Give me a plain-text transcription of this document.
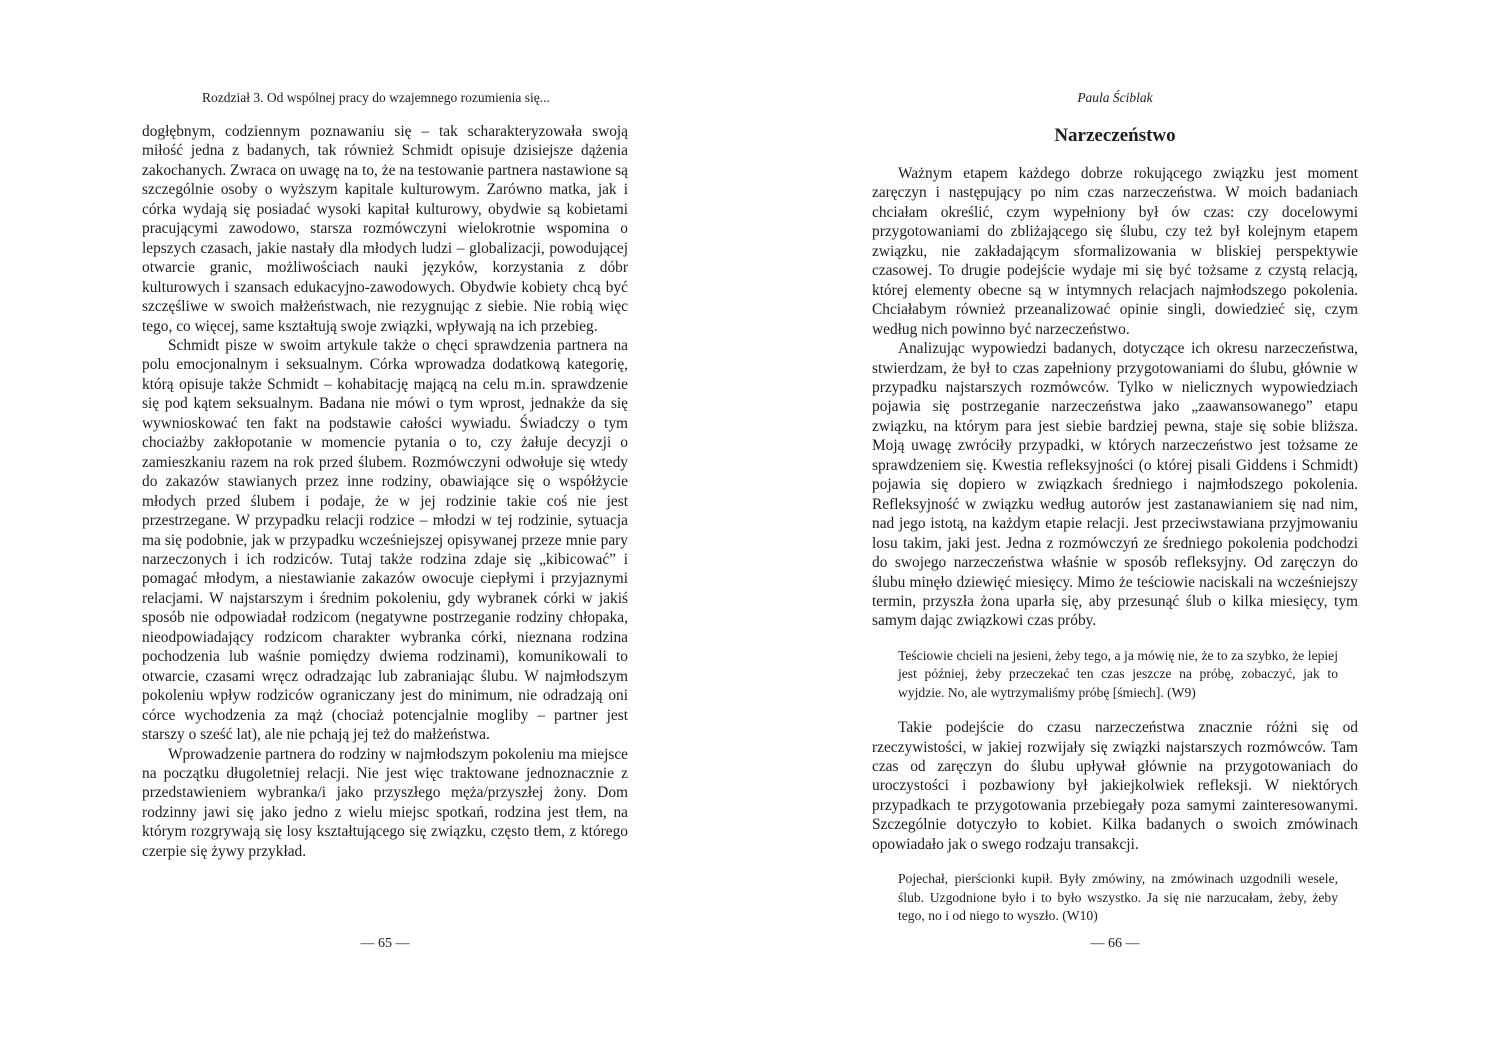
Rozdział 3. Od wspólnej pracy do wzajemnego rozumienia się...

dogłębnym, codziennym poznawaniu się – tak scharakteryzowała swoją miłość jedna z badanych, tak również Schmidt opisuje dzisiejsze dążenia zakochanych. Zwraca on uwagę na to, że na testowanie partnera nastawione są szczególnie osoby o wyższym kapitale kulturowym. Zarówno matka, jak i córka wydają się posiadać wysoki kapitał kulturowy, obydwie są kobietami pracującymi zawodowo, starsza rozmówczyni wielokrotnie wspomina o lepszych czasach, jakie nastały dla młodych ludzi – globalizacji, powodującej otwarcie granic, możliwościach nauki języków, korzystania z dóbr kulturowych i szansach edukacyjno-zawodowych. Obydwie kobiety chcą być szczęśliwe w swoich małżeństwach, nie rezygnując z siebie. Nie robią więc tego, co więcej, same kształtują swoje związki, wpływają na ich przebieg.

Schmidt pisze w swoim artykule także o chęci sprawdzenia partnera na polu emocjonalnym i seksualnym. Córka wprowadza dodatkową kategorię, którą opisuje także Schmidt – kohabitację mającą na celu m.in. sprawdzenie się pod kątem seksualnym. Badana nie mówi o tym wprost, jednakże da się wywnioskować ten fakt na podstawie całości wywiadu. Świadczy o tym chociażby zakłopotanie w momencie pytania o to, czy żałuje decyzji o zamieszkaniu razem na rok przed ślubem. Rozmówczyni odwołuje się wtedy do zakazów stawianych przez inne rodziny, obawiające się o współżycie młodych przed ślubem i podaje, że w jej rodzinie takie coś nie jest przestrzegane. W przypadku relacji rodzice – młodzi w tej rodzinie, sytuacja ma się podobnie, jak w przypadku wcześniejszej opisywanej przeze mnie pary narzeczonych i ich rodziców. Tutaj także rodzina zdaje się „kibicować” i pomagać młodym, a niestawianie zakazów owocuje ciepłymi i przyjaznymi relacjami. W najstarszym i średnim pokoleniu, gdy wybranek córki w jakiś sposób nie odpowiadał rodzicom (negatywne postrzeganie rodziny chłopaka, nieodpowiadający rodzicom charakter wybranka córki, nieznana rodzina pochodzenia lub waśnie pomiędzy dwiema rodzinami), komunikowali to otwarcie, czasami wręcz odradzając lub zabraniając ślubu. W najmłodszym pokoleniu wpływ rodziców ograniczany jest do minimum, nie odradzają oni córce wychodzenia za mąż (chociaż potencjalnie mogliby – partner jest starszy o sześć lat), ale nie pchają jej też do małżeństwa.

Wprowadzenie partnera do rodziny w najmłodszym pokoleniu ma miejsce na początku długoletniej relacji. Nie jest więc traktowane jednoznacznie z przedstawieniem wybranka/i jako przyszłego męża/przyszłej żony. Dom rodzinny jawi się jako jedno z wielu miejsc spotkań, rodzina jest tłem, na którym rozgrywają się losy kształtującego się związku, często tłem, z którego czerpie się żywy przykład.

— 65 —
Paula Ściblak
Narzeczeństwo

Ważnym etapem każdego dobrze rokującego związku jest moment zaręczyn i następujący po nim czas narzeczeństwa. W moich badaniach chciałam określić, czym wypełniony był ów czas: czy docelowymi przygotowaniami do zbliżającego się ślubu, czy też był kolejnym etapem związku, nie zakładającym sformalizowania w bliskiej perspektywie czasowej. To drugie podejście wydaje mi się być tożsame z czystą relacją, której elementy obecne są w intymnych relacjach najmłodszego pokolenia. Chciałabym również przeanalizować opinie singli, dowiedzieć się, czym według nich powinno być narzeczeństwo.

Analizując wypowiedzi badanych, dotyczące ich okresu narzeczeństwa, stwierdzam, że był to czas zapełniony przygotowaniami do ślubu, głównie w przypadku najstarszych rozmówców. Tylko w nielicznych wypowiedziach pojawia się postrzeganie narzeczeństwa jako „zaawansowanego” etapu związku, na którym para jest siebie bardziej pewna, staje się sobie bliższa. Moją uwagę zwróciły przypadki, w których narzeczeństwo jest tożsame ze sprawdzeniem się. Kwestia refleksyjności (o której pisali Giddens i Schmidt) pojawia się dopiero w związkach średniego i najmłodszego pokolenia. Refleksyjność w związku według autorów jest zastanawianiem się nad nim, nad jego istotą, na każdym etapie relacji. Jest przeciwstawiana przyjmowaniu losu takim, jaki jest. Jedna z rozmówczyń ze średniego pokolenia podchodzi do swojego narzeczeństwa właśnie w sposób refleksyjny. Od zaręczyn do ślubu minęło dziewięć miesięcy. Mimo że teściowie naciskali na wcześniejszy termin, przyszła żona uparła się, aby przesunąć ślub o kilka miesięcy, tym samym dając związkowi czas próby.

Teściowie chcieli na jesieni, żeby tego, a ja mówię nie, że to za szybko, że lepiej jest później, żeby przeczekać ten czas jeszcze na próbę, zobaczyć, jak to wyjdzie. No, ale wytrzymaliśmy próbę [śmiech]. (W9)

Takie podejście do czasu narzeczeństwa znacznie różni się od rzeczywistości, w jakiej rozwijały się związki najstarszych rozmówców. Tam czas od zaręczyn do ślubu upływał głównie na przygotowaniach do uroczystości i pozbawiony był jakiejkolwiek refleksji. W niektórych przypadkach te przygotowania przebiegały poza samymi zainteresowanymi. Szczególnie dotyczyło to kobiet. Kilka badanych o swoich zmówinach opowiadało jak o swego rodzaju transakcji.

Pojechał, pierścionki kupił. Były zmówiny, na zmówinach uzgodnili wesele, ślub. Uzgodnione było i to było wszystko. Ja się nie narzucałam, żeby, żeby tego, no i od niego to wyszło. (W10)
— 66 —
